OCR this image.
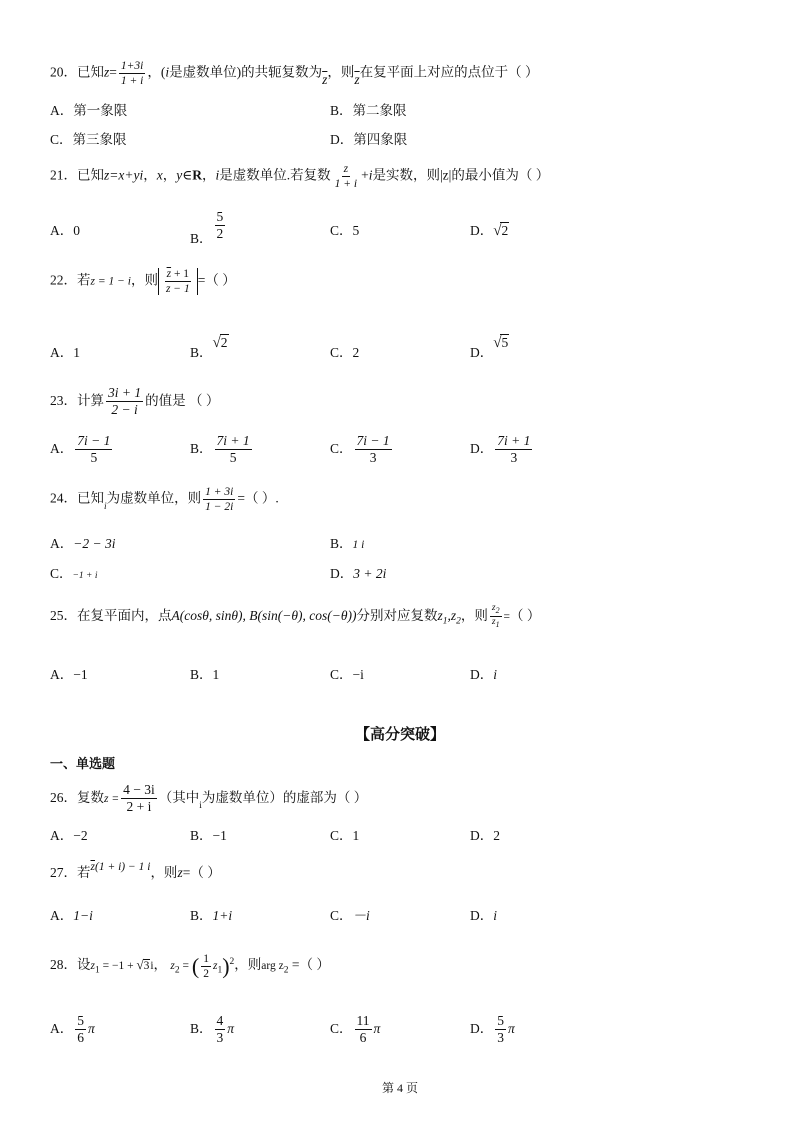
20．已知$z= \frac{1+3i}{1 + i}$ ，(i是虚数单位)的共轭复数为$\overline{z}$，则$\overline{z}$在复平面上对应的点位于（ ）
A．第一象限	B．第二象限
C．第三象限	D．第四象限
21．已知z=x+yi，x，y∈R，i是虚数单位.若复数 $\frac{z}{1 + i} +i$是实数，则|z|的最小值为（ ）
A．0
B． $\frac{5}{2}$	C．5	D．√2
22．若z = 1 − i，则 $\frac{\overline{z} + 1}{z - 1}$ =（ ）
A．1	B．√2
C．2	D．√5
23．计算 $\frac{3i + 1}{2 - i}$ 的值是 （ ）
A． $\frac{7i - 1}{5}$	B． $\frac{7i + 1}{5}$	C． $\frac{7i - 1}{3}$	D． $\frac{7i + 1}{3}$
24．已知$_i$为虚数单位，则 $\frac{1 + 3i}{1 - 2i}$ =（ ）.
A．−2 − 3i	B．1 i
C．−1 + i	D．3 + 2i
25．在复平面内，点A(cosθ, sinθ), B(sin(−θ), cos(−θ))分别对应复数$z_1,z_2$，则 $\frac{z_2}{z_1}$ =（ ）
A．−1	B．1	C．−i	D．i
【高分突破】
一、单选题
26．复数$z = \frac{4 - 3i}{2 + i}$ （其中$_i$为虚数单位）的虚部为（ ）
A．−2	B．−1	C．1	D．2
27．若$\overline{z}(1 + i) - 1$ i，则z=（ ）
A．1−i	B．1+i	C．－i	D．i
28．设$z_1 = -1 + √3i$， $z_2$ = ( $\frac{1}{2} z_1)^2$，则arg $z_2$ =（ ）
A． $\frac{5}{6}$ π	B． $\frac{4}{3}$ π	C． $\frac{11}{6}$ π	D． $\frac{5}{3}$ π
第 4 页
